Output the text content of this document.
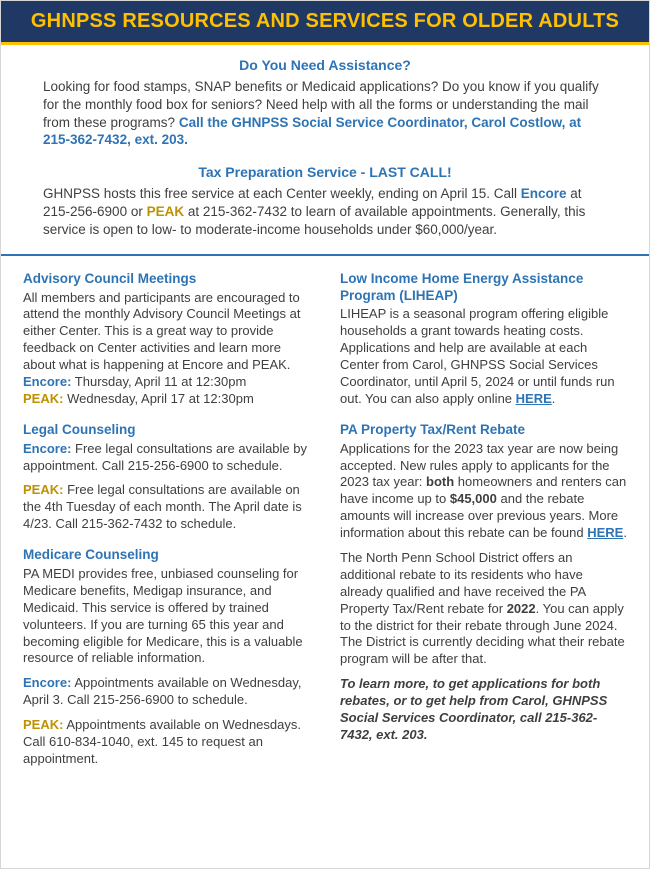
GHNPSS RESOURCES AND SERVICES FOR OLDER ADULTS
Do You Need Assistance?

Looking for food stamps, SNAP benefits or Medicaid applications? Do you know if you qualify for the monthly food box for seniors? Need help with all the forms or understanding the mail from these programs? Call the GHNPSS Social Service Coordinator, Carol Costlow, at 215-362-7432, ext. 203.

Tax Preparation Service - LAST CALL!

GHNPSS hosts this free service at each Center weekly, ending on April 15. Call Encore at 215-256-6900 or PEAK at 215-362-7432 to learn of available appointments. Generally, this service is open to low- to moderate-income households under $60,000/year.

Advisory Council Meetings

All members and participants are encouraged to attend the monthly Advisory Council Meetings at either Center. This is a great way to provide feedback on Center activities and learn more about what is happening at Encore and PEAK.

Encore: Thursday, April 11 at 12:30pm

PEAK: Wednesday, April 17 at 12:30pm

Legal Counseling

Encore: Free legal consultations are available by appointment. Call 215-256-6900 to schedule.

PEAK: Free legal consultations are available on the 4th Tuesday of each month. The April date is 4/23. Call 215-362-7432 to schedule.

Medicare Counseling

PA MEDI provides free, unbiased counseling for Medicare benefits, Medigap insurance, and Medicaid. This service is offered by trained volunteers. If you are turning 65 this year and becoming eligible for Medicare, this is a valuable resource of reliable information.

Encore: Appointments available on Wednesday, April 3. Call 215-256-6900 to schedule.

PEAK: Appointments available on Wednesdays. Call 610-834-1040, ext. 145 to request an appointment.

Low Income Home Energy Assistance Program (LIHEAP)

LIHEAP is a seasonal program offering eligible households a grant towards heating costs. Applications and help are available at each Center from Carol, GHNPSS Social Services Coordinator, until April 5, 2024 or until funds run out. You can also apply online HERE.

PA Property Tax/Rent Rebate

Applications for the 2023 tax year are now being accepted. New rules apply to applicants for the 2023 tax year: both homeowners and renters can have income up to $45,000 and the rebate amounts will increase over previous years. More information about this rebate can be found HERE.

The North Penn School District offers an additional rebate to its residents who have already qualified and have received the PA Property Tax/Rent rebate for 2022. You can apply to the district for their rebate through June 2024. The District is currently deciding what their rebate program will be after that.

To learn more, to get applications for both rebates, or to get help from Carol, GHNPSS Social Services Coordinator, call 215-362-7432, ext. 203.
